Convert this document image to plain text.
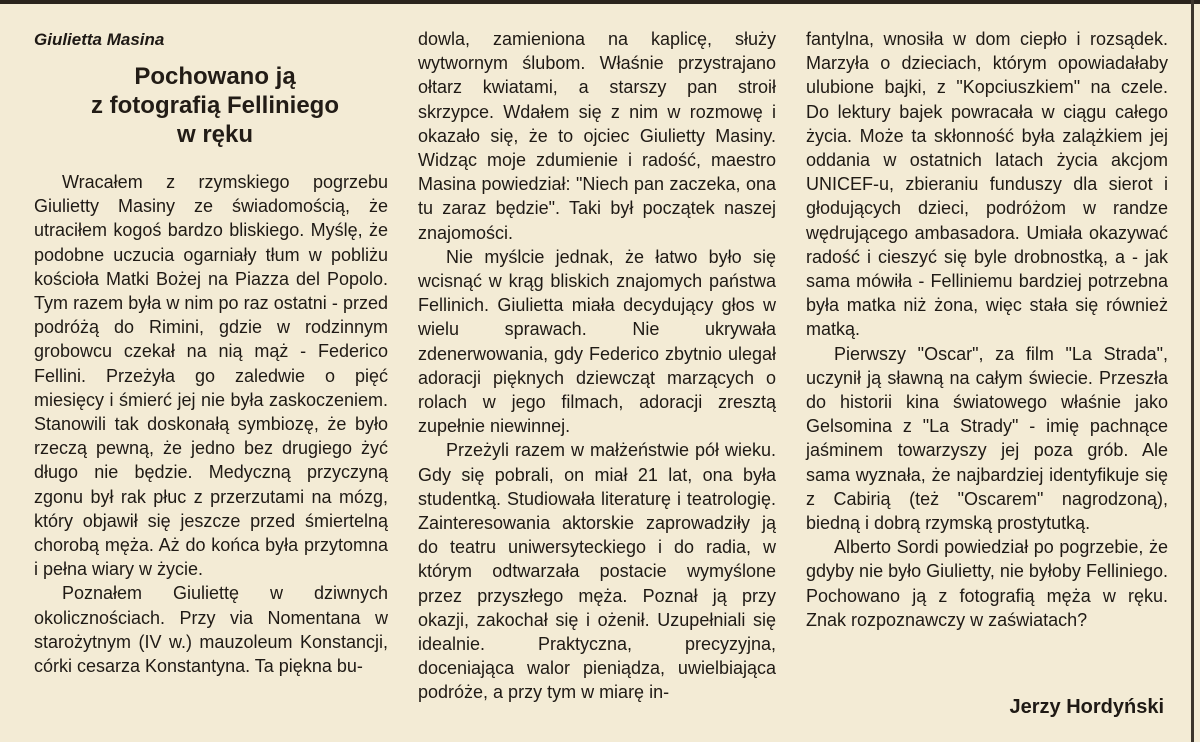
Giulietta Masina
Pochowano ją
z fotografią Felliniego
w ręku

Wracałem z rzymskiego pogrzebu Giulietty Masiny ze świadomością, że utraciłem kogoś bardzo bliskiego. Myślę, że podobne uczucia ogarniały tłum w pobliżu kościoła Matki Bożej na Piazza del Popolo. Tym razem była w nim po raz ostatni - przed podróżą do Rimini, gdzie w rodzinnym grobowcu czekał na nią mąż - Federico Fellini. Przeżyła go zaledwie o pięć miesięcy i śmierć jej nie była zaskoczeniem. Stanowili tak doskonałą symbiozę, że było rzeczą pewną, że jedno bez drugiego żyć długo nie będzie. Medyczną przyczyną zgonu był rak płuc z przerzutami na mózg, który objawił się jeszcze przed śmiertelną chorobą męża. Aż do końca była przytomna i pełna wiary w życie.

Poznałem Giuliettę w dziwnych okolicznościach. Przy via Nomentana w starożytnym (IV w.) mauzoleum Konstancji, córki cesarza Konstantyna. Ta piękna bu-

dowla, zamieniona na kaplicę, służy wytwornym ślubom. Właśnie przystrajano ołtarz kwiatami, a starszy pan stroił skrzypce. Wdałem się z nim w rozmowę i okazało się, że to ojciec Giulietty Masiny. Widząc moje zdumienie i radość, maestro Masina powiedział: "Niech pan zaczeka, ona tu zaraz będzie". Taki był początek naszej znajomości.

Nie myślcie jednak, że łatwo było się wcisnąć w krąg bliskich znajomych państwa Fellinich. Giulietta miała decydujący głos w wielu sprawach. Nie ukrywała zdenerwowania, gdy Federico zbytnio ulegał adoracji pięknych dziewcząt marzących o rolach w jego filmach, adoracji zresztą zupełnie niewinnej.

Przeżyli razem w małżeństwie pół wieku. Gdy się pobrali, on miał 21 lat, ona była studentką. Studiowała literaturę i teatrologię. Zainteresowania aktorskie zaprowadziły ją do teatru uniwersyteckiego i do radia, w którym odtwarzała postacie wymyślone przez przyszłego męża. Poznał ją przy okazji, zakochał się i ożenił. Uzupełniali się idealnie. Praktyczna, precyzyjna, doceniająca walor pieniądza, uwielbiająca podróże, a przy tym w miarę in-

fantylna, wnosiła w dom ciepło i rozsądek. Marzyła o dzieciach, którym opowiadałaby ulubione bajki, z "Kopciuszkiem" na czele. Do lektury bajek powracała w ciągu całego życia. Może ta skłonność była zalążkiem jej oddania w ostatnich latach życia akcjom UNICEF-u, zbieraniu funduszy dla sierot i głodujących dzieci, podróżom w randze wędrującego ambasadora. Umiała okazywać radość i cieszyć się byle drobnostką, a - jak sama mówiła - Felliniemu bardziej potrzebna była matka niż żona, więc stała się również matką.

Pierwszy "Oscar", za film "La Strada", uczynił ją sławną na całym świecie. Przeszła do historii kina światowego właśnie jako Gelsomina z "La Strady" - imię pachnące jaśminem towarzyszy jej poza grób. Ale sama wyznała, że najbardziej identyfikuje się z Cabirią (też "Oscarem" nagrodzoną), biedną i dobrą rzymską prostytutką.

Alberto Sordi powiedział po pogrzebie, że gdyby nie było Giulietty, nie byłoby Felliniego. Pochowano ją z fotografią męża w ręku. Znak rozpoznawczy w zaświatach?

Jerzy Hordyński
